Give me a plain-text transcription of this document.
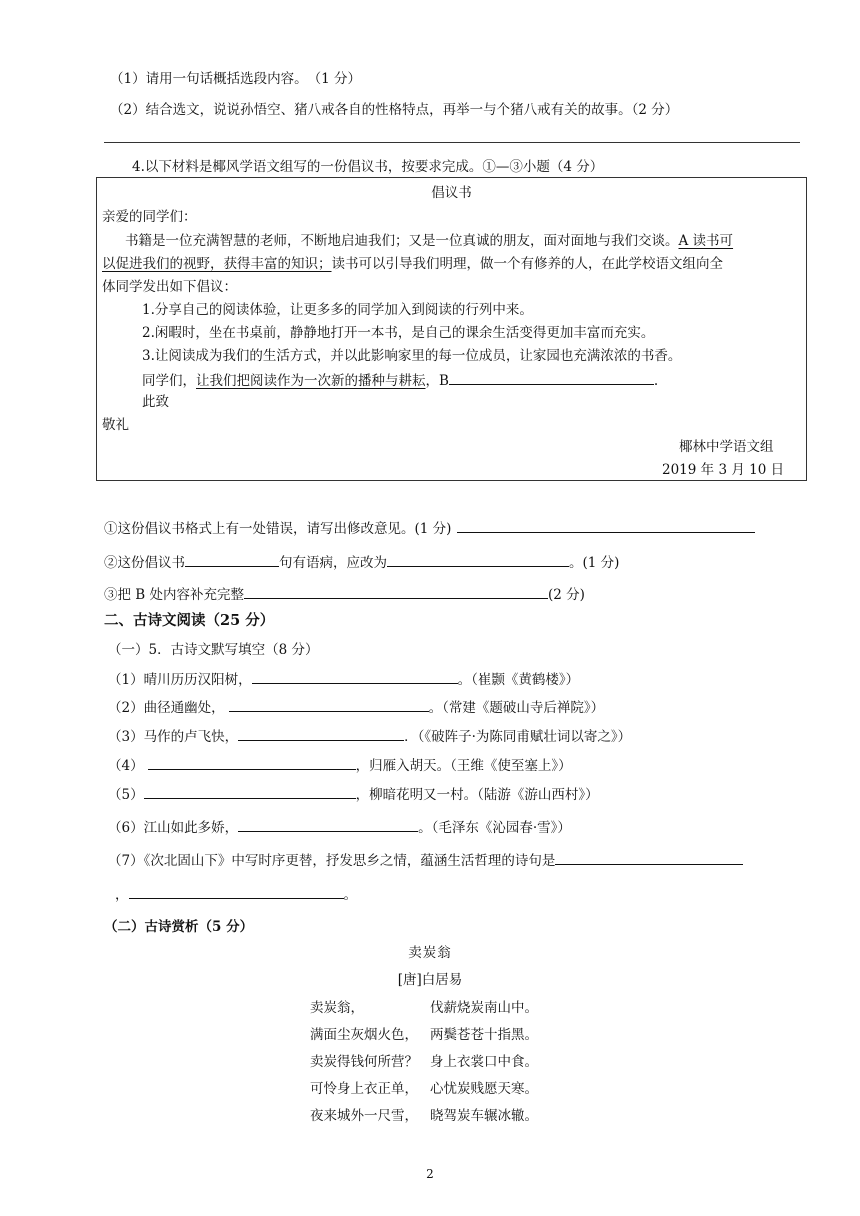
（1）请用一句话概括选段内容。　（1 分）
（2）结合选文，说说孙悟空、猪八戒各自的性格特点，再举一与个猪八戒有关的故事。（2 分）
4.以下材料是椰风学语文组写的一份倡议书，按要求完成。①—③小题（4 分）
倡议书
亲爱的同学们：
书籍是一位充满智慧的老师，不断地启迪我们；又是一位真诚的朋友，面对面地与我们交谈。A 读书可
以促进我们的视野，获得丰富的知识；读书可以引导我们明理，做一个有修养的人，在此学校语文组向全
体同学发出如下倡议：
1.分享自己的阅读体验，让更多多的同学加入到阅读的行列中来。
2.闲暇时，坐在书桌前，静静地打开一本书，是自己的课余生活变得更加丰富而充实。
3.让阅读成为我们的生活方式，并以此影响家里的每一位成员，让家园也充满浓浓的书香。
同学们，让我们把阅读作为一次新的播种与耕耘，B	.
此致
敬礼
椰林中学语文组
2019 年 3 月 10 日
①这份倡议书格式上有一处错误，请写出修改意见。(1 分)
②这份倡议书	句有语病，应改为	。(1 分)
③把 B 处内容补充完整	(2 分)
二、古诗文阅读（25 分）
（一）5．古诗文默写填空（8 分）
（1）晴川历历汉阳树，	。（崔颢《黄鹤楼》）
（2）曲径通幽处，	。（常建《题破山寺后禅院》）
（3）马作的卢飞快，	．（《破阵子·为陈同甫赋壮词以寄之》）
（4）	，归雁入胡天。（王维《使至塞上》）
（5）	，柳暗花明又一村。（陆游《游山西村》）
（6）江山如此多娇，	。（毛泽东《沁园春·雪》）
（7）《次北固山下》中写时序更替，抒发思乡之情，蕴涵生活哲理的诗句是
，	。
（二）古诗赏析（5 分）
卖炭翁
[唐]白居易
卖炭翁，	伐薪烧炭南山中。
满面尘灰烟火色， 两鬓苍苍十指黑。
卖炭得钱何所营？ 身上衣裳口中食。
可怜身上衣正单， 心忧炭贱愿天寒。
夜来城外一尺雪， 晓驾炭车辗冰辙。
2
